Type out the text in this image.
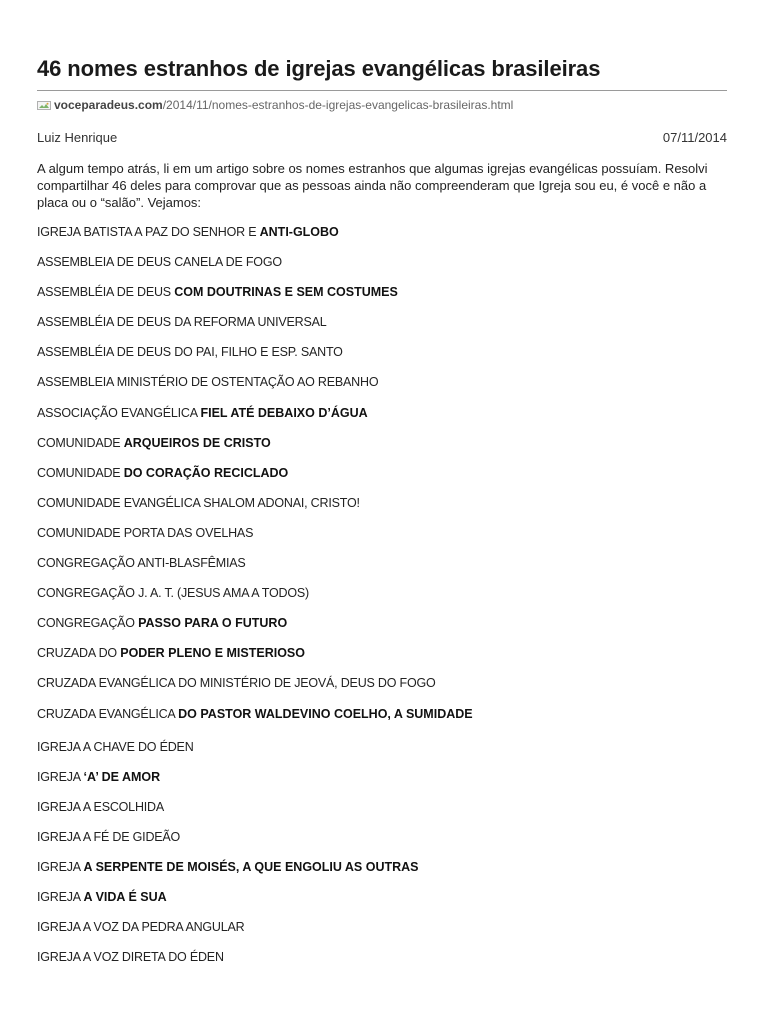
46 nomes estranhos de igrejas evangélicas brasileiras
voceparadeus.com /2014/11/nomes-estranhos-de-igrejas-evangelicas-brasileiras.html
Luiz Henrique	07/11/2014

A algum tempo atrás, li em um artigo sobre os nomes estranhos que algumas igrejas evangélicas possuíam. Resolvi compartilhar 46 deles para comprovar que as pessoas ainda não compreenderam que Igreja sou eu, é você e não a placa ou o “salão”. Vejamos:

IGREJA BATISTA A PAZ DO SENHOR E ANTI-GLOBO
ASSEMBLEIA DE DEUS CANELA DE FOGO
ASSEMBLÉIA DE DEUS COM DOUTRINAS E SEM COSTUMES
ASSEMBLÉIA DE DEUS DA REFORMA UNIVERSAL
ASSEMBLÉIA DE DEUS DO PAI, FILHO E ESP. SANTO
ASSEMBLEIA MINISTÉRIO DE OSTENTAÇÃO AO REBANHO
ASSOCIAÇÃO EVANGÉLICA FIEL ATÉ DEBAIXO D’ÁGUA
COMUNIDADE ARQUEIROS DE CRISTO
COMUNIDADE DO CORAÇÃO RECICLADO
COMUNIDADE EVANGÉLICA SHALOM ADONAI, CRISTO!
COMUNIDADE PORTA DAS OVELHAS
CONGREGAÇÃO ANTI-BLASFÊMIAS
CONGREGAÇÃO J. A. T. (JESUS AMA A TODOS)
CONGREGAÇÃO PASSO PARA O FUTURO
CRUZADA DO PODER PLENO E MISTERIOSO
CRUZADA EVANGÉLICA DO MINISTÉRIO DE JEOVÁ, DEUS DO FOGO
CRUZADA EVANGÉLICA DO PASTOR WALDEVINO COELHO, A SUMIDADE
IGREJA A CHAVE DO ÉDEN
IGREJA ‘A’ DE AMOR
IGREJA A ESCOLHIDA
IGREJA A FÉ DE GIDEÃO
IGREJA A SERPENTE DE MOISÉS, A QUE ENGOLIU AS OUTRAS
IGREJA A VIDA É SUA
IGREJA A VOZ DA PEDRA ANGULAR
IGREJA A VOZ DIRETA DO ÉDEN
